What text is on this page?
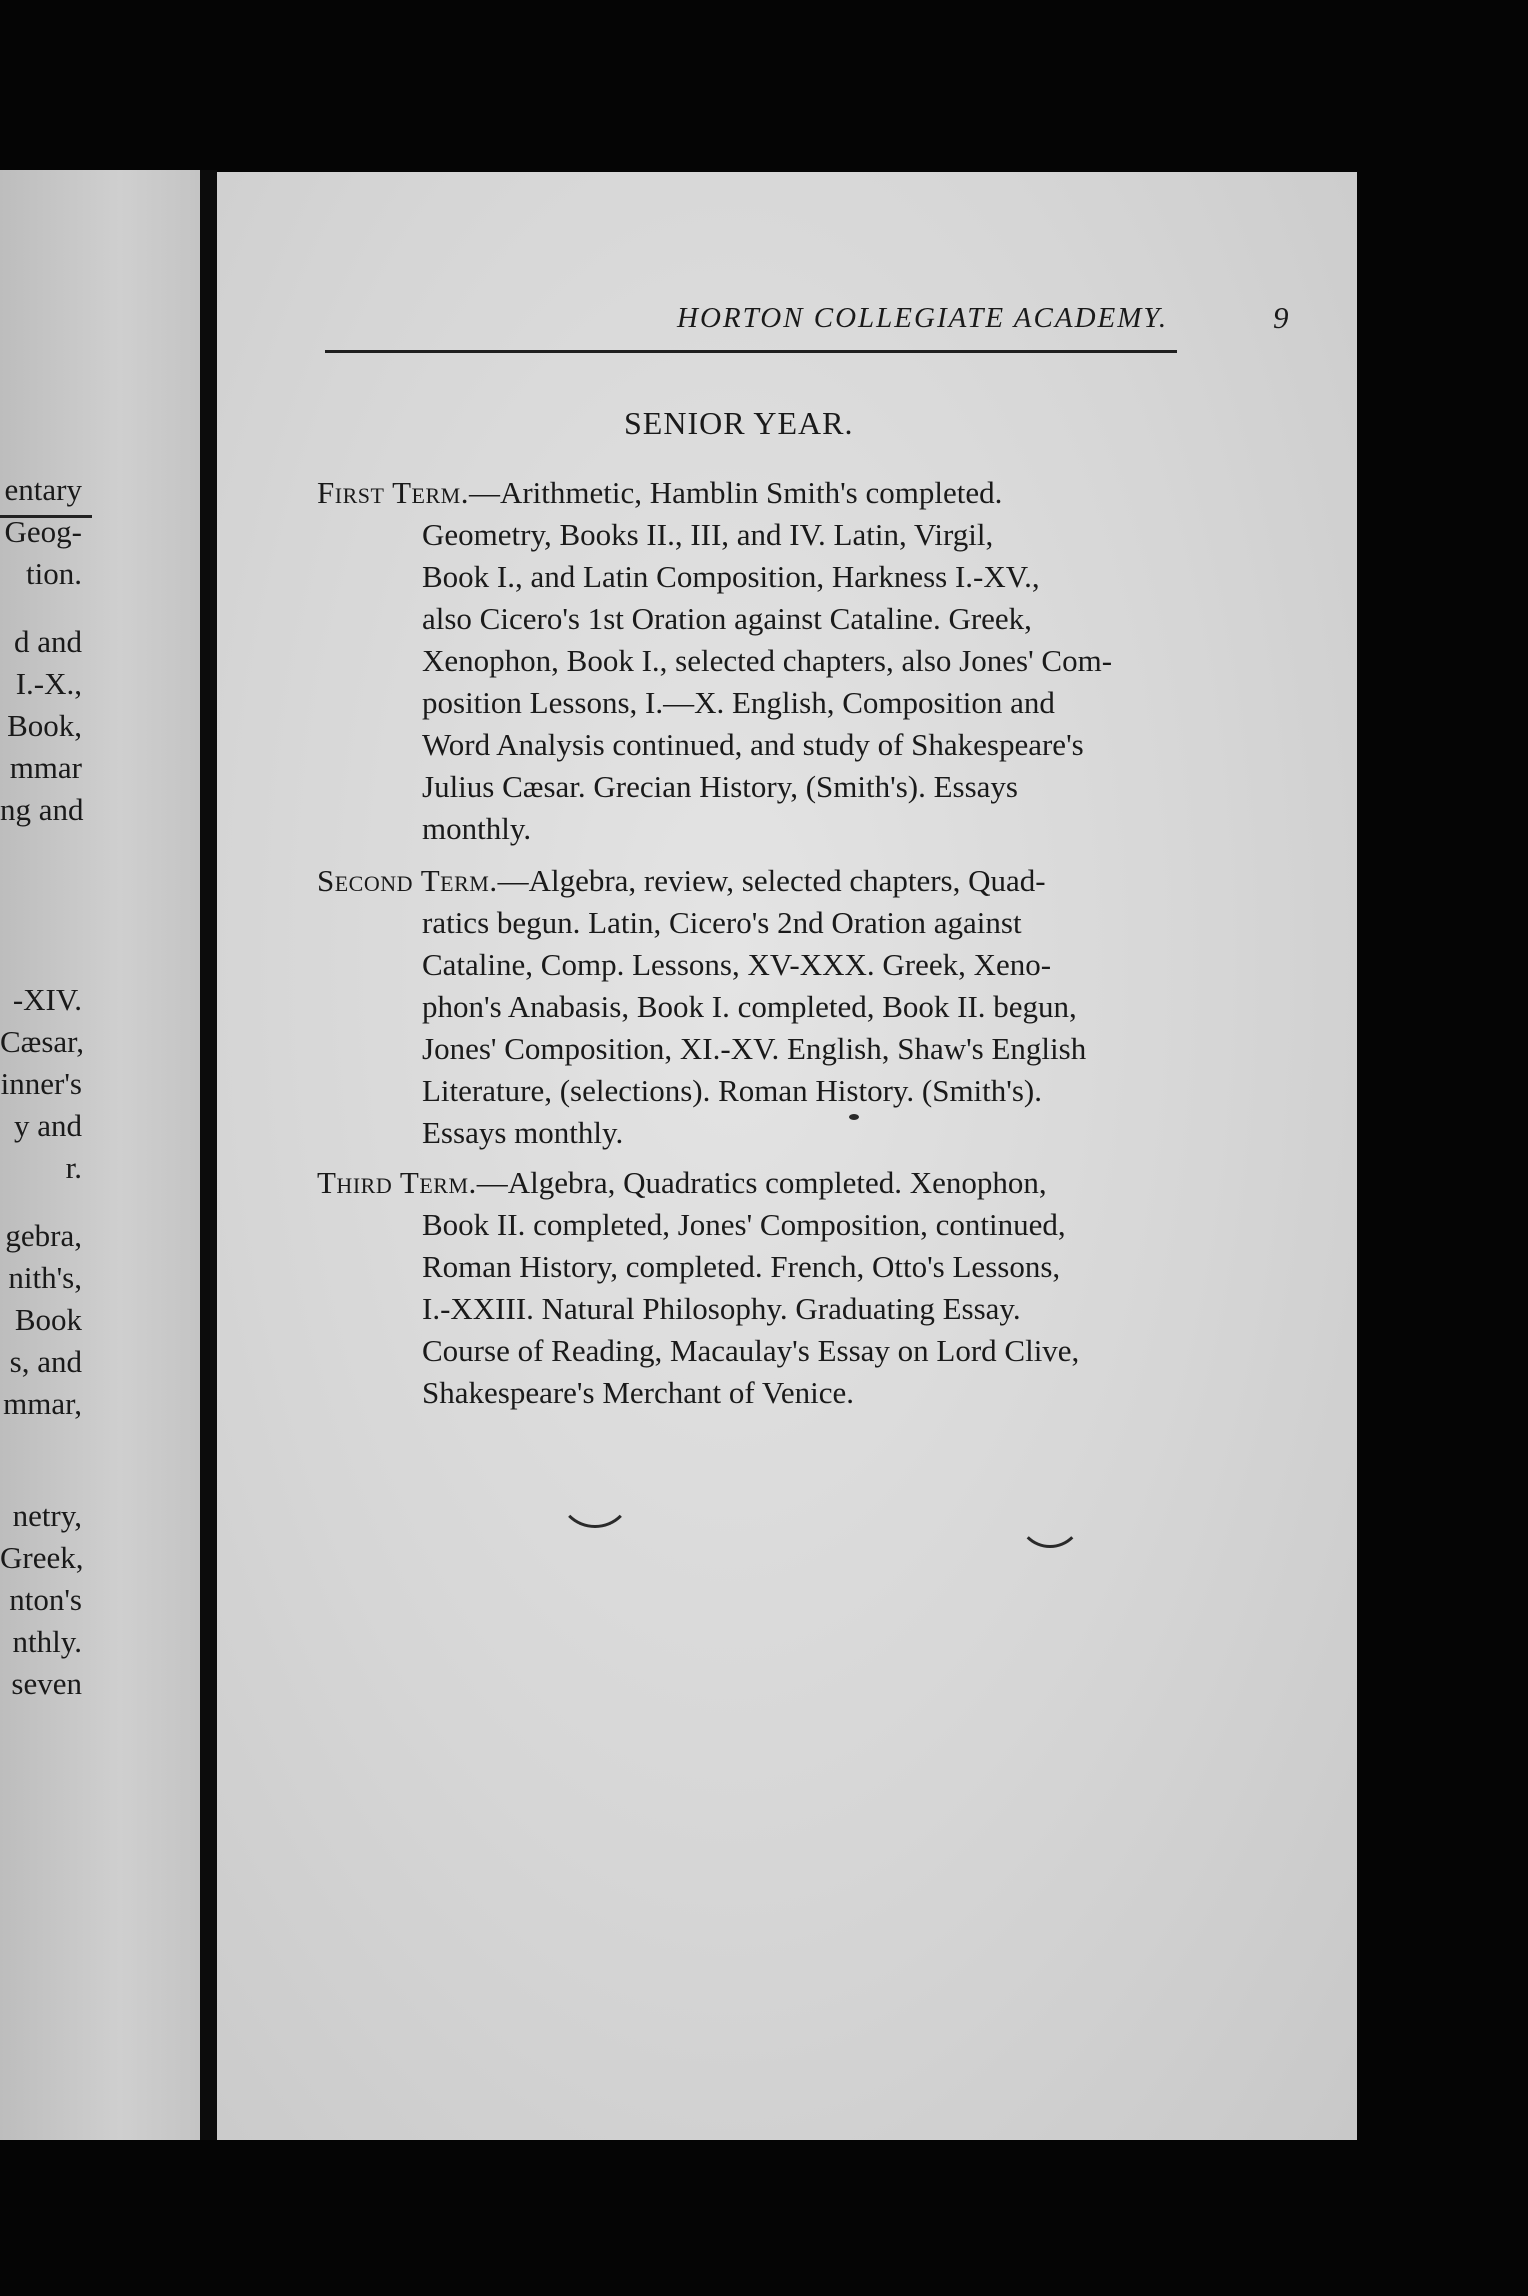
entary
Geog-
tion.
d and
I.-X.,
Book,
mmar
ng and
-XIV.
Cæsar,
inner's
y and
r.
gebra,
nith's,
Book
s, and
mmar,
netry,
Greek,
nton's
nthly.
seven
HORTON COLLEGIATE ACADEMY.	9
SENIOR YEAR.
First Term.—Arithmetic, Hamblin Smith's completed.
Geometry, Books II., III, and IV. Latin, Virgil,
Book I., and Latin Composition, Harkness I.-XV.,
also Cicero's 1st Oration against Cataline. Greek,
Xenophon, Book I., selected chapters, also Jones' Com-
position Lessons, I.—X. English, Composition and
Word Analysis continued, and study of Shakespeare's
Julius Cæsar. Grecian History, (Smith's). Essays
monthly.
Second Term.—Algebra, review, selected chapters, Quad-
ratics begun. Latin, Cicero's 2nd Oration against
Cataline, Comp. Lessons, XV-XXX. Greek, Xeno-
phon's Anabasis, Book I. completed, Book II. begun,
Jones' Composition, XI.-XV. English, Shaw's English
Literature, (selections). Roman History. (Smith's).
Essays monthly.
Third Term.—Algebra, Quadratics completed. Xenophon,
Book II. completed, Jones' Composition, continued,
Roman History, completed. French, Otto's Lessons,
I.-XXIII. Natural Philosophy. Graduating Essay.
Course of Reading, Macaulay's Essay on Lord Clive,
Shakespeare's Merchant of Venice.
